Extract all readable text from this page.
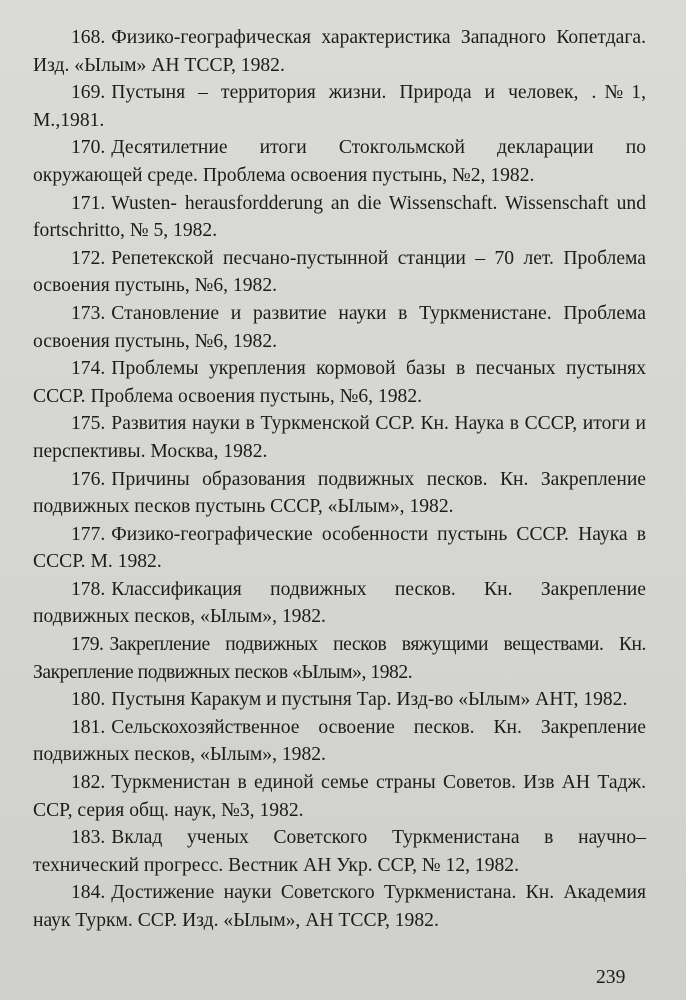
168. Физико-географическая характеристика Западного Копетдага. Изд. «Ылым» АН ТССР, 1982.
169. Пустыня – территория жизни. Природа и человек, .№1, М.,1981.
170. Десятилетние итоги Стокгольмской декларации по окружающей среде. Проблема освоения пустынь, №2, 1982.
171. Wusten- herausfordderung an die Wissenschaft. Wissenschaft und fortschritto, № 5, 1982.
172. Репетекской песчано-пустынной станции – 70 лет. Проблема освоения пустынь, №6, 1982.
173. Становление и развитие науки в Туркменистане. Проблема освоения пустынь, №6, 1982.
174. Проблемы укрепления кормовой базы в песчаных пустынях СССР. Проблема освоения пустынь, №6, 1982.
175. Развития науки в Туркменской ССР. Кн. Наука в СССР, итоги и перспективы. Москва, 1982.
176. Причины образования подвижных песков. Кн. Закрепление подвижных песков пустынь СССР, «Ылым», 1982.
177. Физико-географические особенности пустынь СССР. Наука в СССР. М. 1982.
178. Классификация подвижных песков. Кн. Закрепление подвижных песков, «Ылым», 1982.
179. Закрепление подвижных песков вяжущими веществами. Кн. Закрепление подвижных песков «Ылым», 1982.
180. Пустыня Каракум и пустыня Тар. Изд-во «Ылым» АНТ, 1982.
181. Сельскохозяйственное освоение песков. Кн. Закрепление подвижных песков, «Ылым», 1982.
182. Туркменистан в единой семье страны Советов. Изв АН Тадж. ССР, серия общ. наук, №3, 1982.
183. Вклад ученых Советского Туркменистана в научно–технический прогресс. Вестник АН Укр. ССР, № 12, 1982.
184. Достижение науки Советского Туркменистана. Кн. Академия наук Туркм. ССР. Изд. «Ылым», АН ТССР, 1982.
239
